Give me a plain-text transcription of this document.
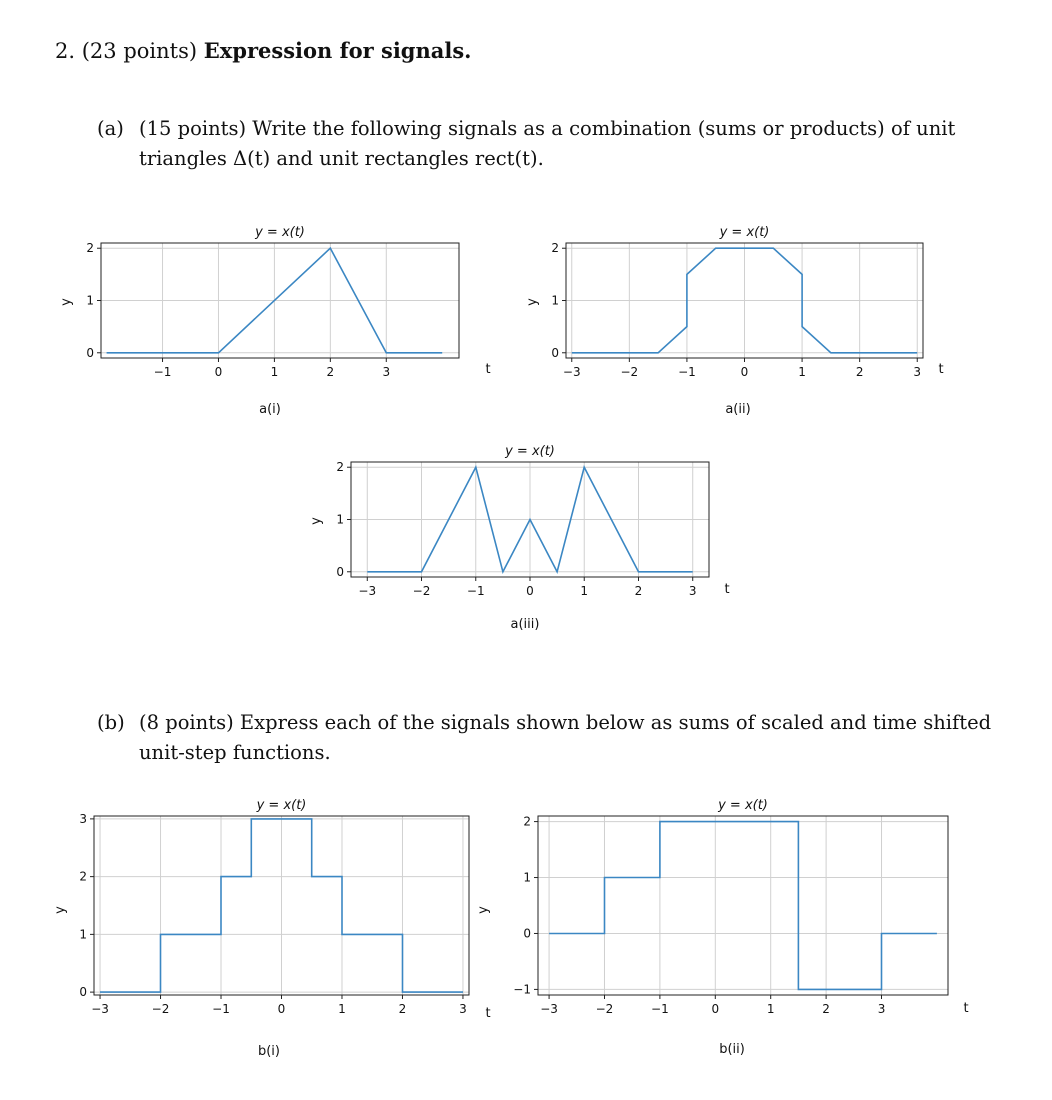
2. (23 points) Expression for signals.
(a) (15 points) Write the following signals as a combination (sums or products) of unit triangles Δ(t) and unit rectangles rect(t).
(b) (8 points) Express each of the signals shown below as sums of scaled and time shifted unit-step functions.
−1	0	1	2	3
0
1
2
y = x(t)
t
y
a(i)
−3	−2	−1	0	1	2	3
0
1
2
y = x(t)
t
y
a(ii)
−3	−2	−1	0	1	2	3
0
1
2
y = x(t)
t
y
a(iii)
−3	−2	−1	0	1	2	3
0
1
2
3
y = x(t)
t
y
b(i)
−3	−2	−1	0	1	2	3
−1
0
1
2
y = x(t)
t
y
b(ii)
